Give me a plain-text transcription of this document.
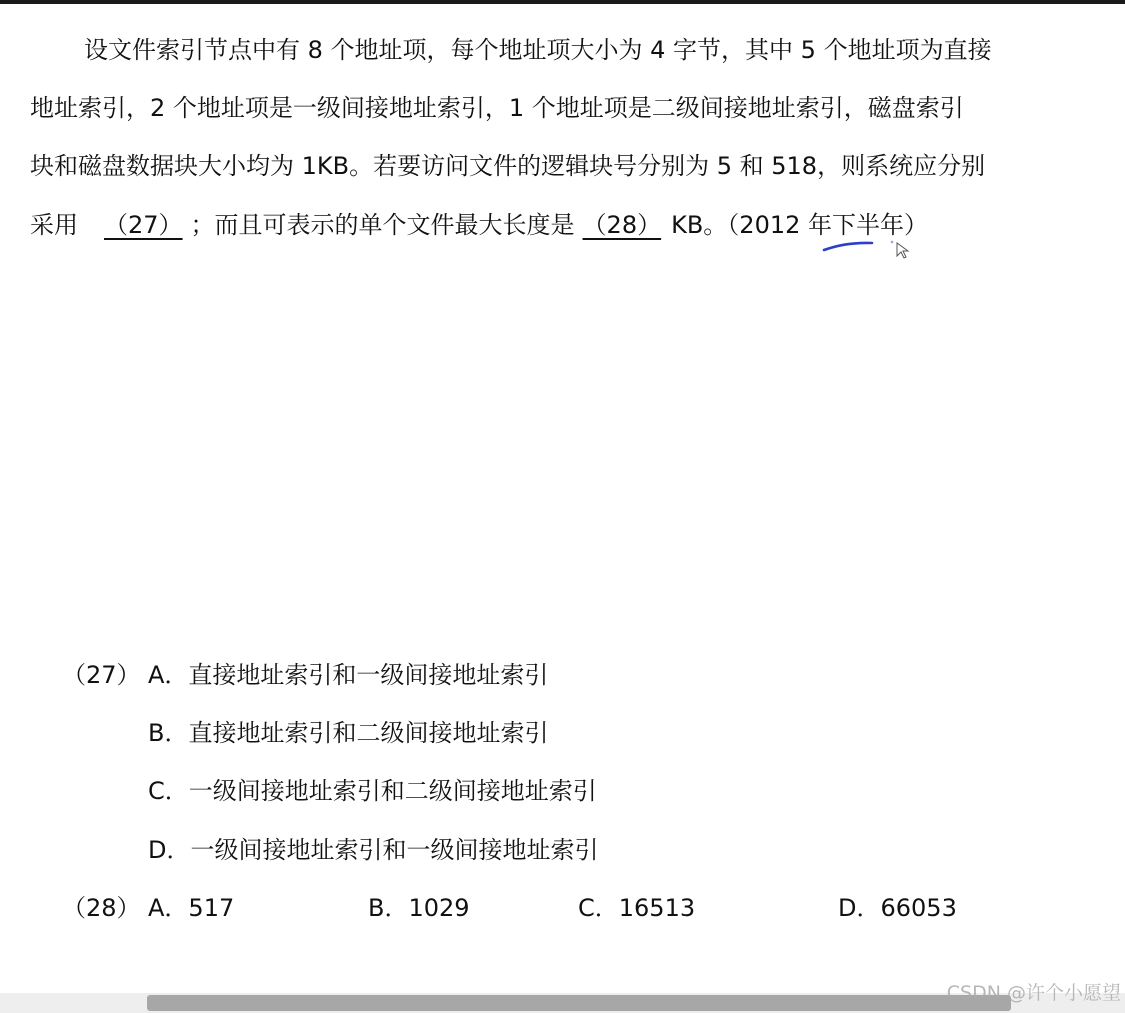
设文件索引节点中有 8 个地址项，每个地址项大小为 4 字节，其中 5 个地址项为直接
地址索引，2 个地址项是一级间接地址索引，1 个地址项是二级间接地址索引，磁盘索引
块和磁盘数据块大小均为 1KB。若要访问文件的逻辑块号分别为 5 和 518，则系统应分别
采用 （27） ；而且可表示的单个文件最大长度是 （28） KB。（2012 年下半年）
（27） A．直接地址索引和一级间接地址索引
B．直接地址索引和二级间接地址索引
C．一级间接地址索引和二级间接地址索引
D．一级间接地址索引和一级间接地址索引
（28） A．517	B．1029	C．16513	D．66053
CSDN @许个小愿望
